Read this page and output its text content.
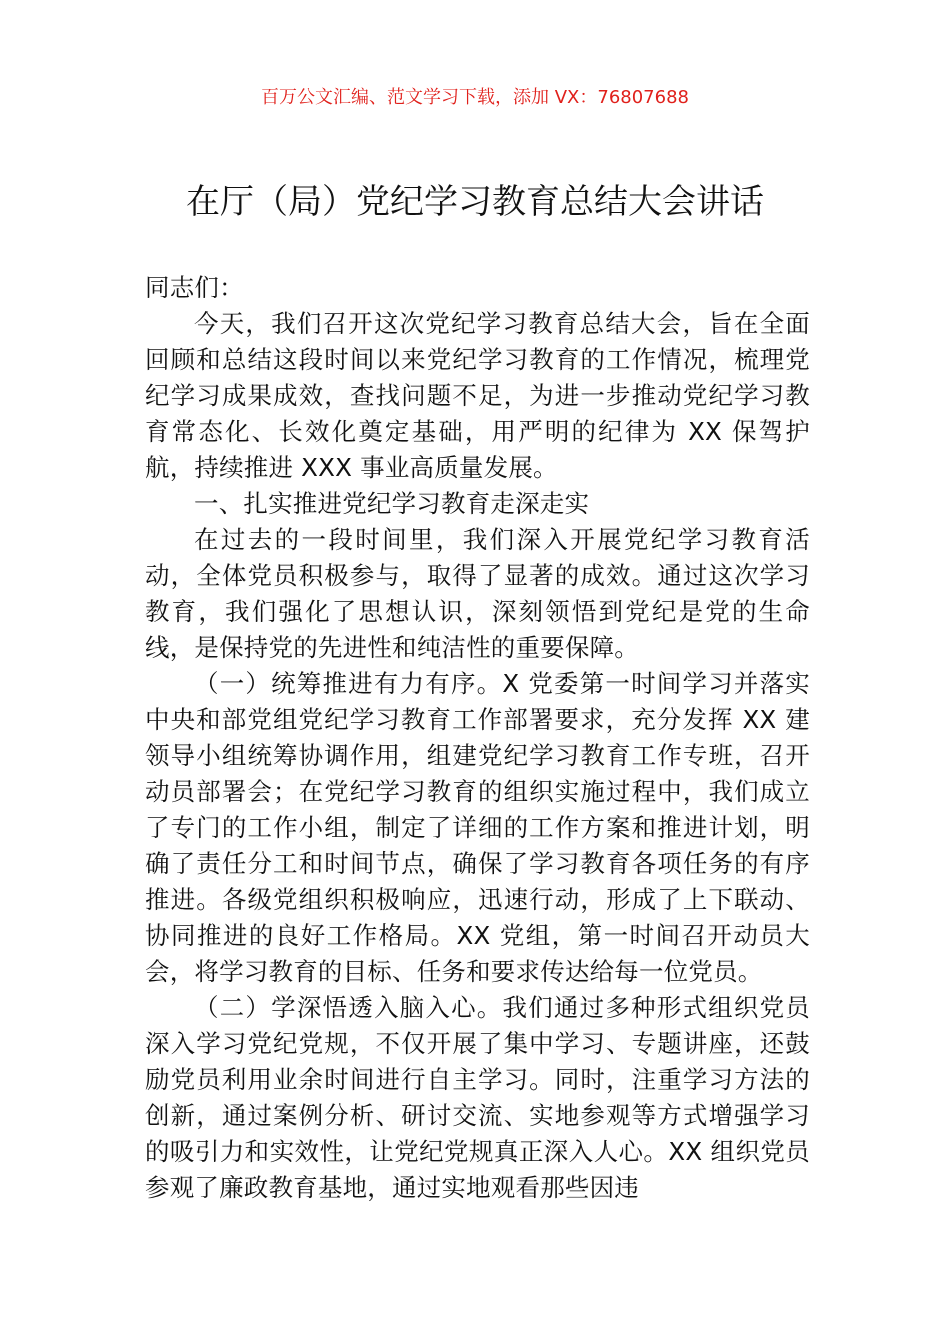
百万公文汇编、范文学习下载，添加 VX：76807688
在厅（局）党纪学习教育总结大会讲话

同志们：

今天，我们召开这次党纪学习教育总结大会，旨在全面回顾和总结这段时间以来党纪学习教育的工作情况，梳理党纪学习成果成效，查找问题不足，为进一步推动党纪学习教育常态化、长效化奠定基础，用严明的纪律为 XX 保驾护航，持续推进 XXX 事业高质量发展。

一、扎实推进党纪学习教育走深走实

在过去的一段时间里，我们深入开展党纪学习教育活动，全体党员积极参与，取得了显著的成效。通过这次学习教育，我们强化了思想认识，深刻领悟到党纪是党的生命线，是保持党的先进性和纯洁性的重要保障。

（一）统筹推进有力有序。X 党委第一时间学习并落实中央和部党组党纪学习教育工作部署要求，充分发挥 XX 建领导小组统筹协调作用，组建党纪学习教育工作专班，召开动员部署会；在党纪学习教育的组织实施过程中，我们成立了专门的工作小组，制定了详细的工作方案和推进计划，明确了责任分工和时间节点，确保了学习教育各项任务的有序推进。各级党组织积极响应，迅速行动，形成了上下联动、协同推进的良好工作格局。XX 党组，第一时间召开动员大会，将学习教育的目标、任务和要求传达给每一位党员。

（二）学深悟透入脑入心。我们通过多种形式组织党员深入学习党纪党规，不仅开展了集中学习、专题讲座，还鼓励党员利用业余时间进行自主学习。同时，注重学习方法的创新，通过案例分析、研讨交流、实地参观等方式增强学习的吸引力和实效性，让党纪党规真正深入人心。XX 组织党员参观了廉政教育基地，通过实地观看那些因违
